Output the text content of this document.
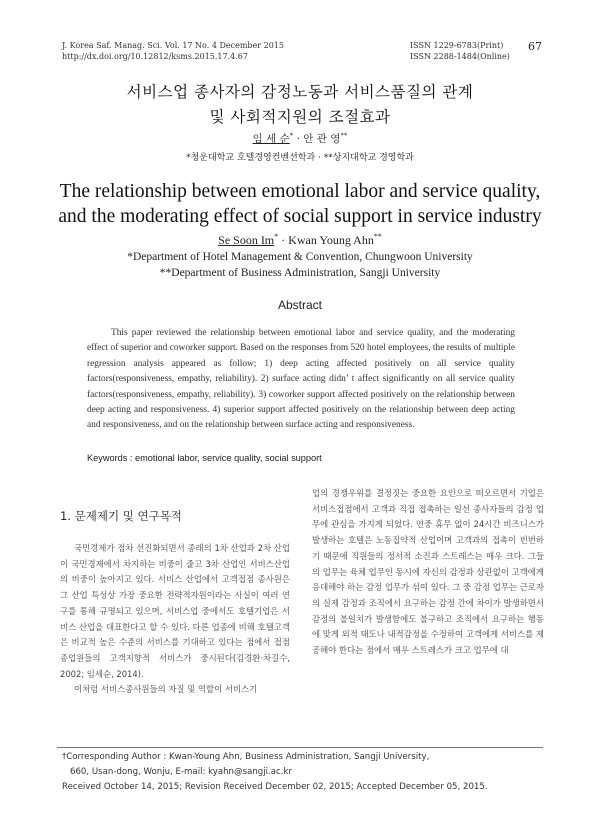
J. Korea Saf. Manag. Sci. Vol. 17 No. 4 December 2015
http://dx.doi.org/10.12812/ksms.2015.17.4.67
ISSN 1229-6783(Print)
ISSN 2288-1484(Online)
67
서비스업 종사자의 감정노동과 서비스품질의 관계
및 사회적지원의 조절효과
임 세 순* · 안 관 영**
*청운대학교 호텔경영컨벤션학과 · **상지대학교 경영학과
The relationship between emotional labor and service quality,
and the moderating effect of social support in service industry
Se Soon Im* · Kwan Young Ahn**
*Department of Hotel Management & Convention, Chungwoon University
**Department of Business Administration, Sangji University
Abstract
This paper reviewed the relationship between emotional labor and service quality, and the moderating effect of superior and coworker support. Based on the responses from 520 hotel employees, the results of multiple regression analysis appeared as follow; 1) deep acting affected positively on all service quality factors(responsiveness, empathy, reliability). 2) surface acting didn’ t affect significantly on all service quality factors(responsiveness, empathy, reliability). 3) coworker support affected positively on the relationship between deep acting and responsiveness. 4) superior support affected positively on the relationship between deep acting and responsiveness, and on the relationship between surface acting and responsiveness.
Keywords : emotional labor, service quality, social support
1. 문제제기 및 연구목적

국민경제가 점차 선진화되면서 종래의 1차 산업과 2차 산업이 국민경제에서 차지하는 비중이 줄고 3차 산업인 서비스산업의 비중이 높아지고 있다. 서비스 산업에서 고객접점 종사원은 그 산업 특성상 가장 중요한 전략적자원이라는 사실이 여러 연구를 통해 규명되고 있으며, 서비스업 중에서도 호텔기업은 서비스 산업을 대표한다고 할 수 있다. 다른 업종에 비해 호텔고객은 비교적 높은 수준의 서비스를 기대하고 있다는 점에서 접점 종업원들의 고객지향적 서비스가 중시된다(김경환·차길수, 2002; 임세순, 2014).

이처럼 서비스종사원들의 자질 및 역할이 서비스기

업의 경쟁우위를 결정짓는 중요한 요인으로 떠오르면서 기업은 서비스접점에서 고객과 직접 접촉하는 일선 종사자들의 감정 업무에 관심을 가지게 되었다. 연중 휴무 없이 24시간 비즈니스가 발생하는 호텔은 노동집약적 산업이며 고객과의 접촉이 빈번하기 때문에 직원들의 정서적 소진과 스트레스는 매우 크다. 그들의 업무는 육체 업무인 동시에 자신의 감정과 상관없이 고객에게 응대해야 하는 감정 업무가 섞여 있다. 그 중 감정 업무는 근로자의 실제 감정과 조직에서 요구하는 감정 간에 차이가 발생하면서 감정의 불일치가 발생함에도 불구하고 조직에서 요구하는 행동에 맞게 외적 태도나 내적감정을 수정하여 고객에게 서비스를 제공해야 한다는 점에서 매우 스트레스가 크고 업무에 대

†Corresponding Author : Kwan-Young Ahn, Business Administration, Sangji University,
660, Usan-dong, Wonju, E-mail: kyahn@sangji.ac.kr
Received October 14, 2015; Revision Received December 02, 2015; Accepted December 05, 2015.
